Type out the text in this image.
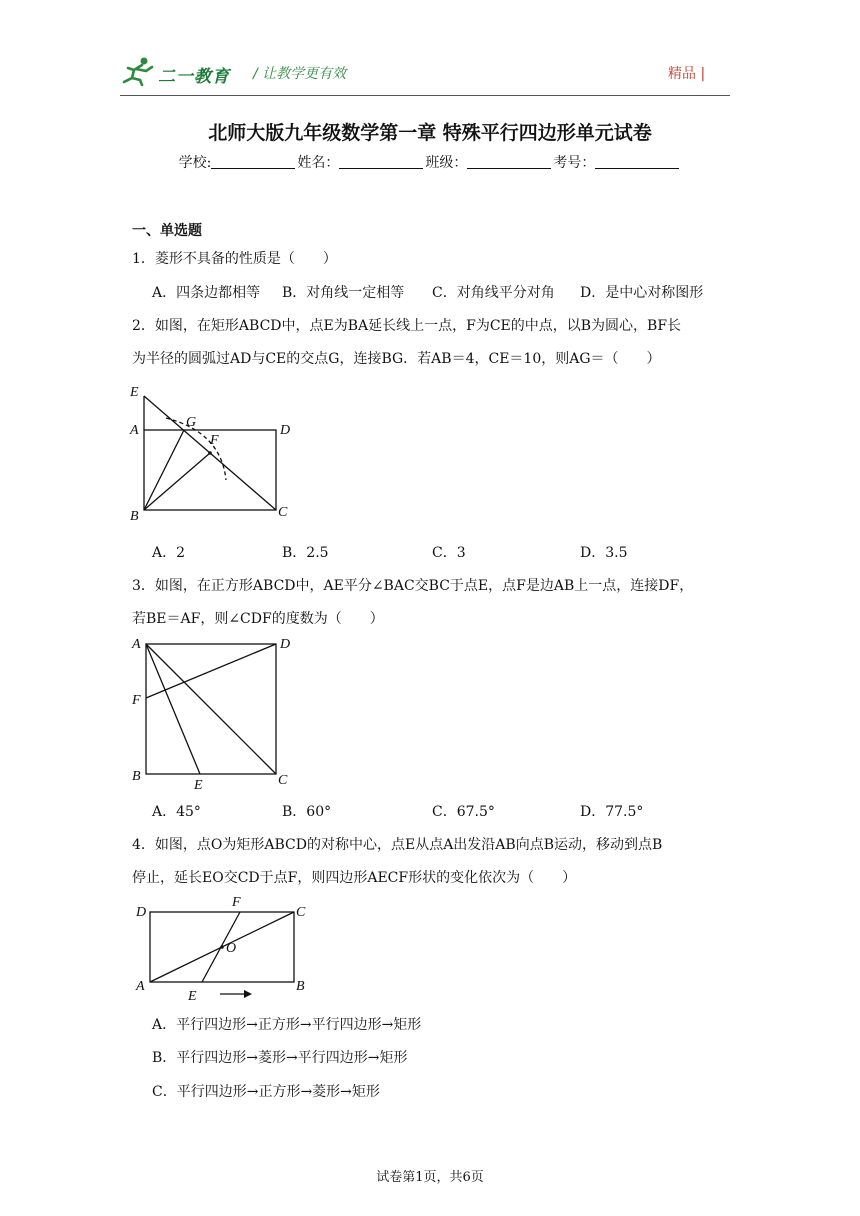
二一教育 / 让教学更有效	精品 |
北师大版九年级数学第一章 特殊平行四边形单元试卷
学校:	姓名：	班级：	考号：
一、单选题
1．菱形不具备的性质是（　　）
A．四条边都相等 B．对角线一定相等 C．对角线平分对角 D．是中心对称图形
2．如图，在矩形ABCD中，点E为BA延长线上一点，F为CE的中点，以B为圆心，BF长
为半径的圆弧过AD与CE的交点G，连接BG．若AB＝4，CE＝10，则AG＝（　　）
E
A
G
F
D
B	C
A．2	B．2.5	C．3	D．3.5
3．如图，在正方形ABCD中，AE平分∠BAC交BC于点E，点F是边AB上一点，连接DF，
若BE＝AF，则∠CDF的度数为（　　）
A	D
F
B
E	C
A．45°	B．60°	C．67.5°	D．77.5°
4．如图，点O为矩形ABCD的对称中心，点E从点A出发沿AB向点B运动，移动到点B
停止，延长EO交CD于点F，则四边形AECF形状的变化依次为（　　）
D
F
C
O
A
E
B
A．平行四边形→正方形→平行四边形→矩形
B．平行四边形→菱形→平行四边形→矩形
C．平行四边形→正方形→菱形→矩形
试卷第1页，共6页
